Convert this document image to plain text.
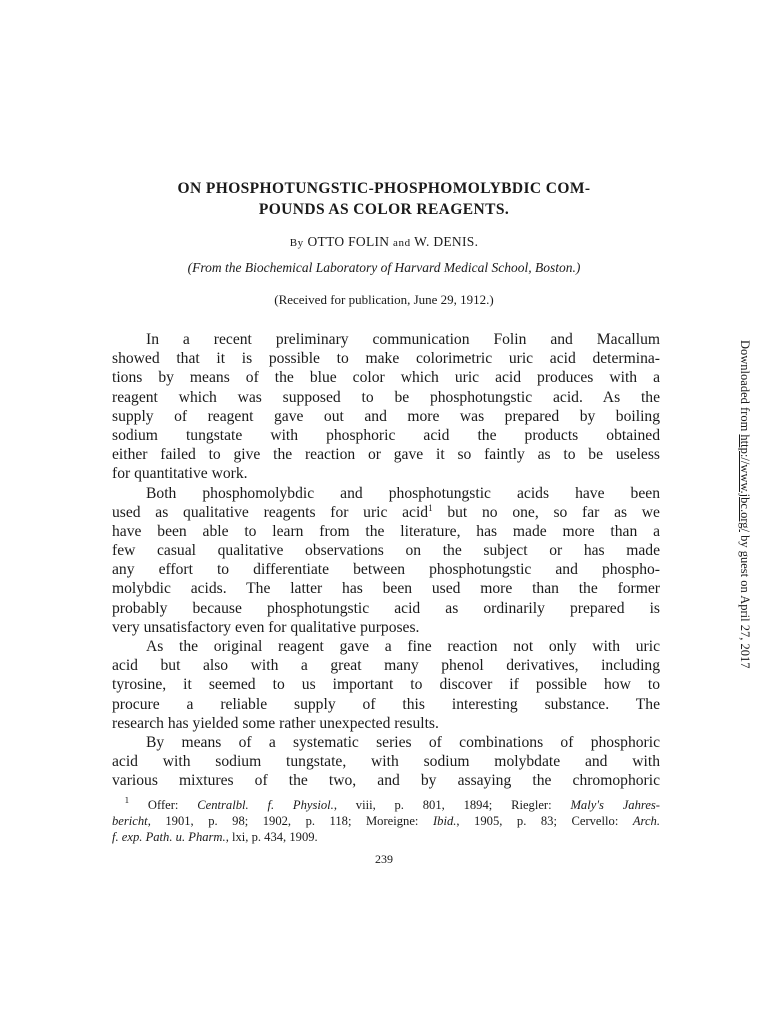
ON PHOSPHOTUNGSTIC-PHOSPHOMOLYBDIC COM-
POUNDS AS COLOR REAGENTS.
By OTTO FOLIN and W. DENIS.
(From the Biochemical Laboratory of Harvard Medical School, Boston.)
(Received for publication, June 29, 1912.)
In a recent preliminary communication Folin and Macallum
showed that it is possible to make colorimetric uric acid determina-
tions by means of the blue color which uric acid produces with a
reagent which was supposed to be phosphotungstic acid. As the
supply of reagent gave out and more was prepared by boiling
sodium tungstate with phosphoric acid the products obtained
either failed to give the reaction or gave it so faintly as to be useless
for quantitative work.
Both phosphomolybdic and phosphotungstic acids have been
used as qualitative reagents for uric acid$^1$ but no one, so far as we
have been able to learn from the literature, has made more than a
few casual qualitative observations on the subject or has made
any effort to differentiate between phosphotungstic and phospho-
molybdic acids. The latter has been used more than the former
probably because phosphotungstic acid as ordinarily prepared is
very unsatisfactory even for qualitative purposes.
As the original reagent gave a fine reaction not only with uric
acid but also with a great many phenol derivatives, including
tyrosine, it seemed to us important to discover if possible how to
procure a reliable supply of this interesting substance. The
research has yielded some rather unexpected results.
By means of a systematic series of combinations of phosphoric
acid with sodium tungstate, with sodium molybdate and with
various mixtures of the two, and by assaying the chromophoric
 $^1$ Offer: Centralbl. f. Physiol., viii, p. 801, 1894; Riegler: Maly's Jahres-
bericht, 1901, p. 98; 1902, p. 118; Moreigne: Ibid., 1905, p. 83; Cervello: Arch.
f. exp. Path. u. Pharm., lxi, p. 434, 1909.
239
Downloaded from http://www.jbc.org/ by guest on April 27, 2017
